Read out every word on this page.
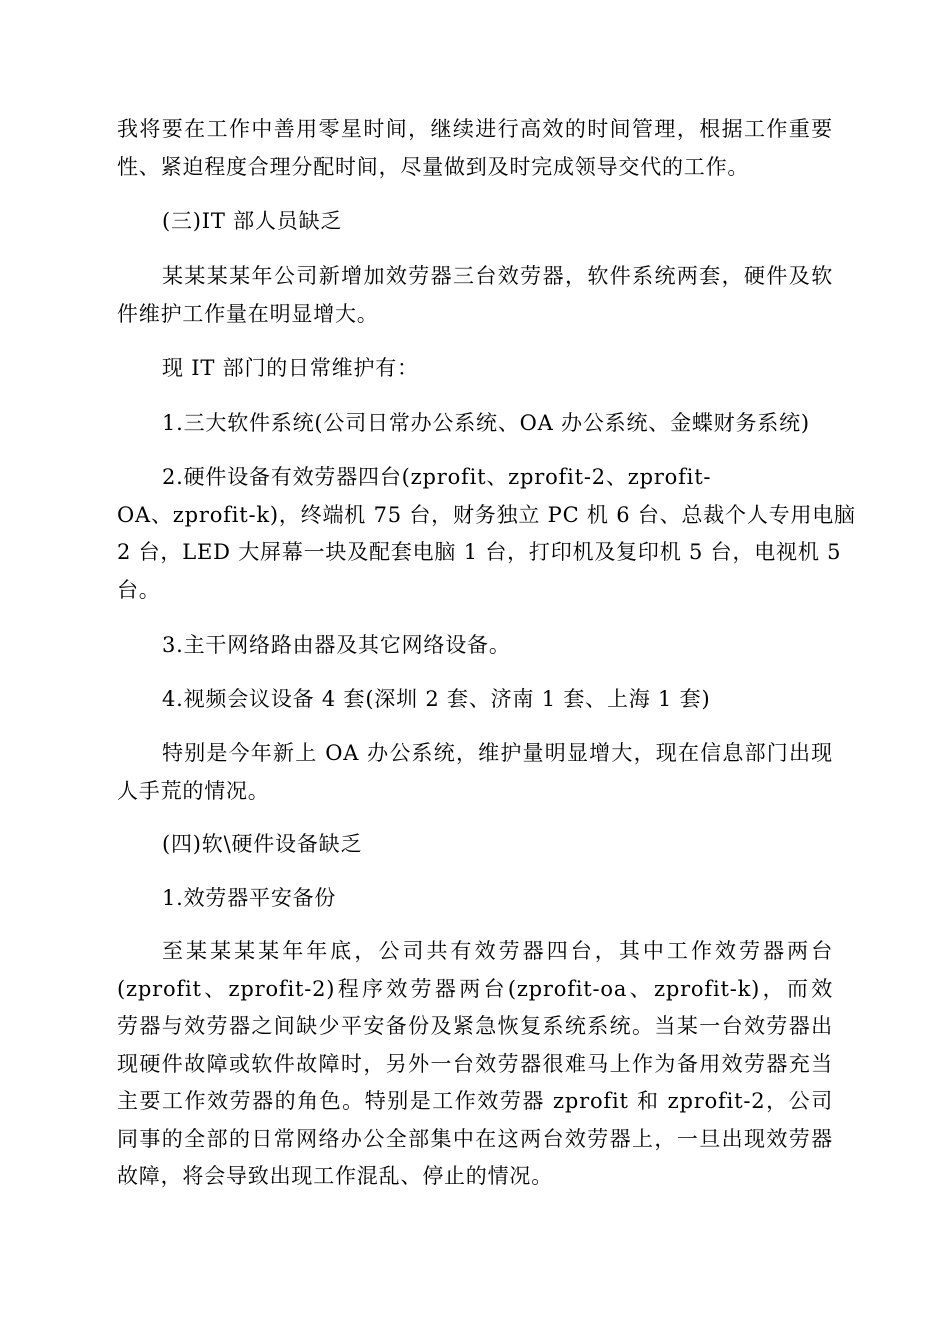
我将要在工作中善用零星时间，继续进行高效的时间管理，根据工作重要
性、紧迫程度合理分配时间，尽量做到及时完成领导交代的工作。
(三)IT 部人员缺乏
某某某某年公司新增加效劳器三台效劳器，软件系统两套，硬件及软
件维护工作量在明显增大。
现 IT 部门的日常维护有：
1.三大软件系统(公司日常办公系统、OA 办公系统、金蝶财务系统)
2.硬件设备有效劳器四台(zprofit、zprofit-2、zprofit-
OA、zprofit-k)，终端机 75 台，财务独立 PC 机 6 台、总裁个人专用电脑
2 台，LED 大屏幕一块及配套电脑 1 台，打印机及复印机 5 台，电视机 5
台。
3.主干网络路由器及其它网络设备。
4.视频会议设备 4 套(深圳 2 套、济南 1 套、上海 1 套)
特别是今年新上 OA 办公系统，维护量明显增大，现在信息部门出现
人手荒的情况。
(四)软\硬件设备缺乏
1.效劳器平安备份
至某某某某年年底，公司共有效劳器四台，其中工作效劳器两台
(zprofit、zprofit-2)程序效劳器两台(zprofit-oa、zprofit-k)，而效
劳器与效劳器之间缺少平安备份及紧急恢复系统系统。当某一台效劳器出
现硬件故障或软件故障时，另外一台效劳器很难马上作为备用效劳器充当
主要工作效劳器的角色。特别是工作效劳器 zprofit 和 zprofit-2，公司
同事的全部的日常网络办公全部集中在这两台效劳器上，一旦出现效劳器
故障，将会导致出现工作混乱、停止的情况。
